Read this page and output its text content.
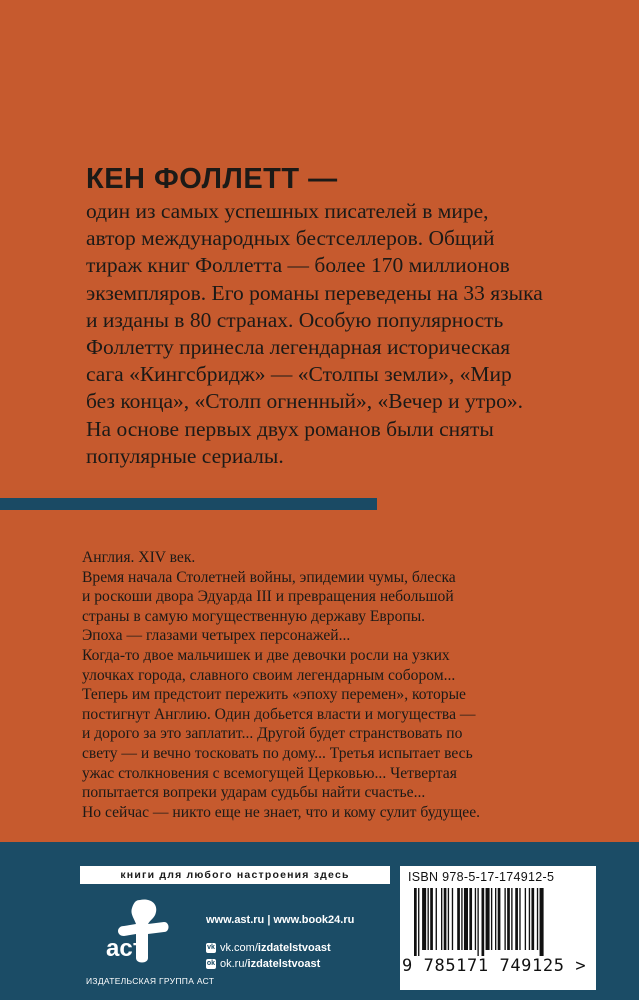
КЕН ФОЛЛЕТТ —
один из самых успешных писателей в мире,
автор международных бестселлеров. Общий
тираж книг Фоллетта — более 170 миллионов
экземпляров. Его романы переведены на 33 языка
и изданы в 80 странах. Особую популярность
Фоллетту принесла легендарная историческая
сага «Кингсбридж» — «Столпы земли», «Мир
без конца», «Столп огненный», «Вечер и утро».
На основе первых двух романов были сняты
популярные сериалы.
Англия. XIV век.
Время начала Столетней войны, эпидемии чумы, блеска
и роскоши двора Эдуарда III и превращения небольшой
страны в самую могущественную державу Европы.
Эпоха — глазами четырех персонажей...
Когда-то двое мальчишек и две девочки росли на узких
улочках города, славного своим легендарным собором...
Теперь им предстоит пережить «эпоху перемен», которые
постигнут Англию. Один добьется власти и могущества —
и дорого за это заплатит... Другой будет странствовать по
свету — и вечно тосковать по дому... Третья испытает весь
ужас столкновения с всемогущей Церковью... Четвертая
попытается вопреки ударам судьбы найти счастье...
Но сейчас — никто еще не знает, что и кому сулит будущее.
книги для любого настроения здесь
аст
ИЗДАТЕЛЬСКАЯ ГРУППА АСТ
www.ast.ru | www.book24.ru
vk vk.com/ izdatelstvoast
ok ok.ru/ izdatelstvoast
ISBN 978-5-17-174912-5
9 785171 749125 >
